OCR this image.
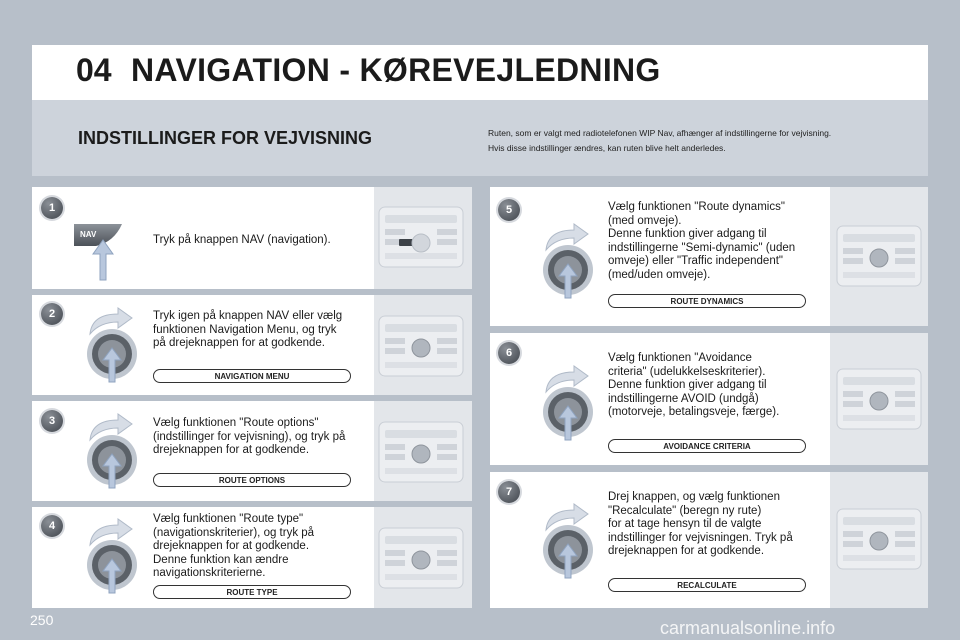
04 NAVIGATION - KØREVEJLEDNING
INDSTILLINGER FOR VEJVISNING	Ruten, som er valgt med radiotelefonen WIP Nav, afhænger af indstillingerne for vejvisning.

Hvis disse indstillinger ændres, kan ruten blive helt anderledes.

1
2
3
4
5
6
7
NAV	Tryk på knappen NAV (navigation).
Tryk igen på knappen NAV eller vælg
funktionen Navigation Menu, og tryk
på drejeknappen for at godkende.
Vælg funktionen "Route options"
(indstillinger for vejvisning), og tryk på
drejeknappen for at godkende.
Vælg funktionen "Route type"
(navigationskriterier), og tryk på
drejeknappen for at godkende.
Denne funktion kan ændre
navigationskriterierne.
Vælg funktionen "Route dynamics"
(med omveje).
Denne funktion giver adgang til
indstillingerne "Semi-dynamic" (uden
omveje) eller "Traffic independent"
(med/uden omveje).
Vælg funktionen "Avoidance
criteria" (udelukkelseskriterier).
Denne funktion giver adgang til
indstillingerne AVOID (undgå)
(motorveje, betalingsveje, færge).
Drej knappen, og vælg funktionen
"Recalculate" (beregn ny rute)
for at tage hensyn til de valgte
indstillinger for vejvisningen. Tryk på
drejeknappen for at godkende.
NAVIGATION MENU
ROUTE OPTIONS
ROUTE TYPE
ROUTE DYNAMICS
AVOIDANCE CRITERIA
RECALCULATE
250	carmanualsonline.info
